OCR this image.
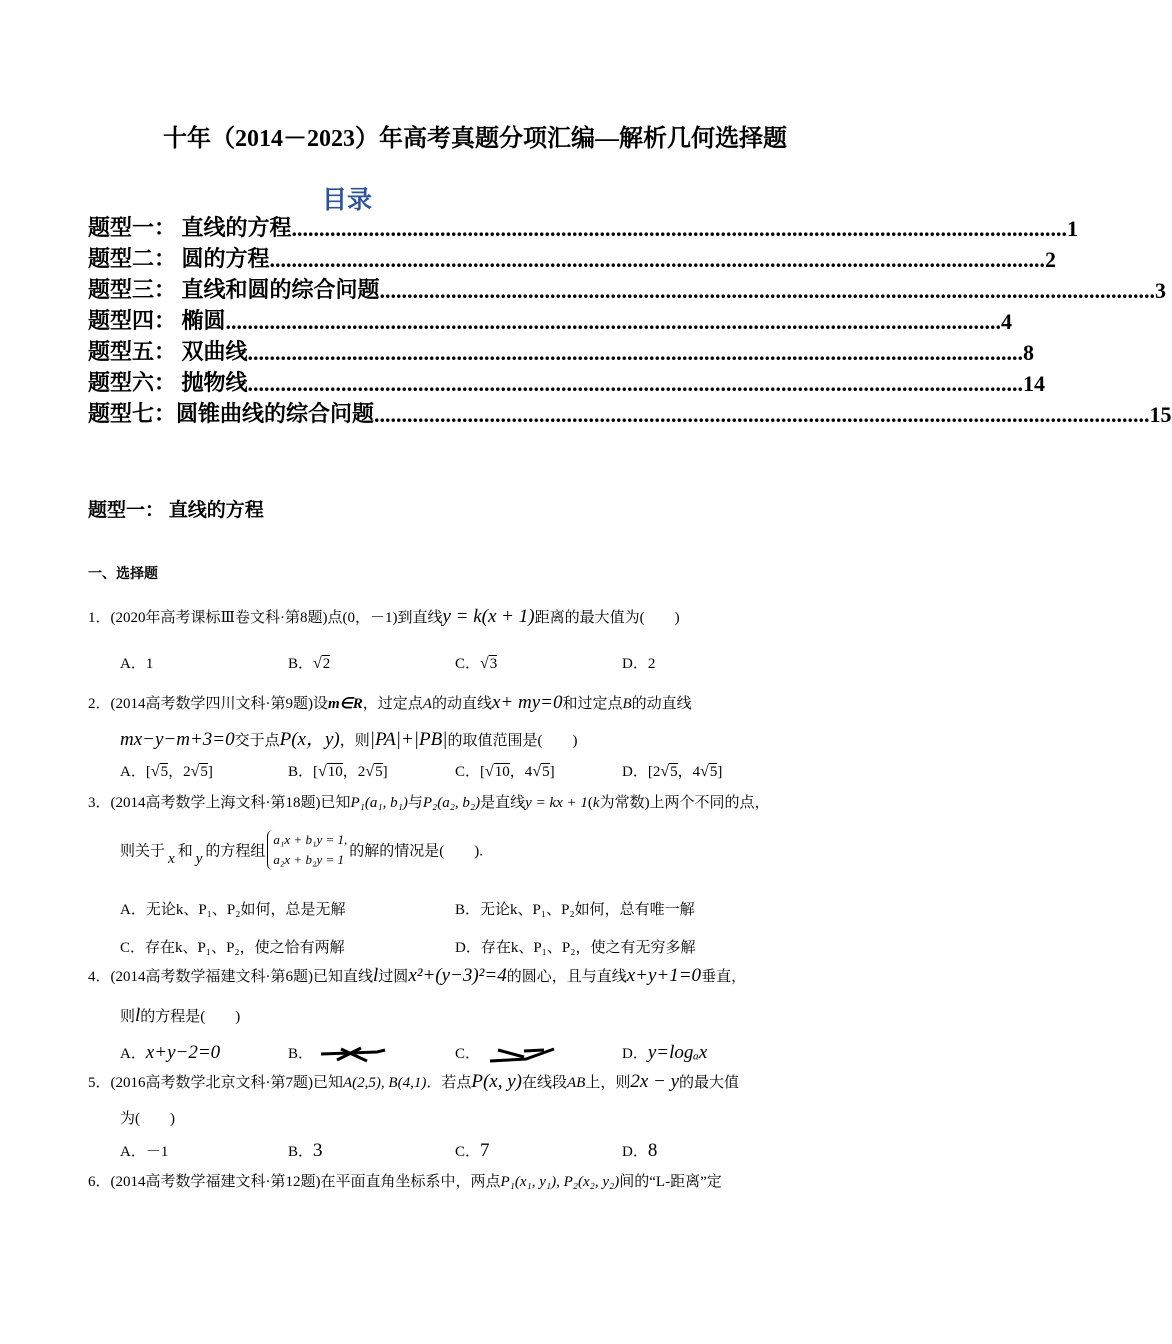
十年（2014－2023）年高考真题分项汇编—解析几何选择题
目录
题型一： 直线的方程 ............................................................................................................................................. 1
题型二： 圆的方程 ............................................................................................................................................. 2
题型三： 直线和圆的综合问题 ............................................................................................................................................. 3
题型四： 椭圆 ............................................................................................................................................. 4
题型五： 双曲线 ............................................................................................................................................. 8
题型六： 抛物线 ............................................................................................................................................. 14
题型七：圆锥曲线的综合问题 ............................................................................................................................................. 15
题型一： 直线的方程
一、选择题
1．(2020年高考课标Ⅲ卷文科·第8题)点(0，－1)到直线y = k(x + 1)距离的最大值为(　　)
A．1	B．√2	C．√3	D．2
2．(2014高考数学四川文科·第9题)设m∈R，过定点A的动直线x+ my=0和过定点B的动直线
mx−y−m+3=0交于点P(x，y)，则|PA|+|PB|的取值范围是(　　)
A．[√5，2√5]	B．[√10，2√5]	C．[√10，4√5]	D．[2√5，4√5]
3．(2014高考数学上海文科·第18题)已知P₁(a₁, b₁)与P₂(a₂, b₂)是直线y = kx + 1(k为常数)上两个不同的点，
则关于 x 和 y 的方程组a₁x + b₁y = 1,
a₂x + b₂y = 1 的解的情况是(　　).
A．无论k、P₁、P₂如何，总是无解	B．无论k、P₁、P₂如何，总有唯一解
C．存在k、P₁、P₂，使之恰有两解	D．存在k、P₁、P₂，使之有无穷多解
4．(2014高考数学福建文科·第6题)已知直线l过圆x²+(y−3)²=4的圆心，且与直线x+y+1=0垂直，
则l的方程是(　　)
A．x+y−2=0	B．	C．	D．y=logₐx
5．(2016高考数学北京文科·第7题)已知A(2,5), B(4,1)．若点P(x, y)在线段AB上，则2x − y的最大值
为(　　)
A．－1	B．3	C．7	D．8
6．(2014高考数学福建文科·第12题)在平面直角坐标系中，两点P₁(x₁, y₁), P₂(x₂, y₂)间的“L-距离”定
